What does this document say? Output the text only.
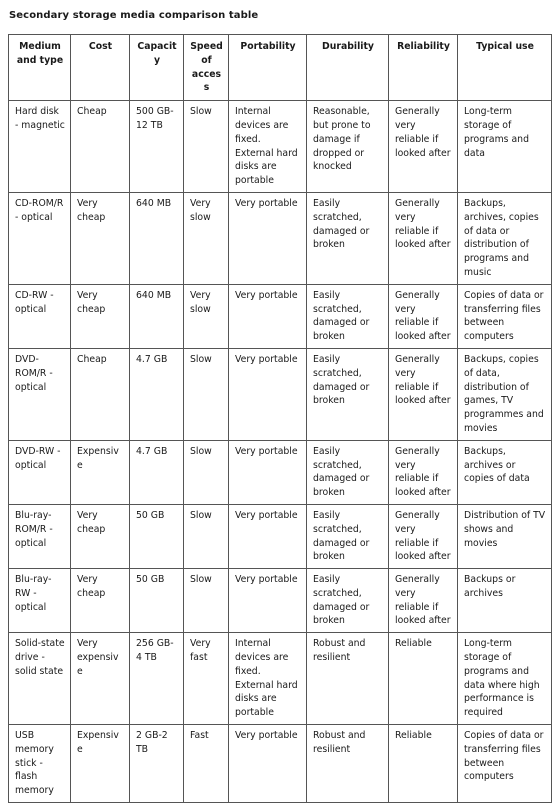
Secondary storage media comparison table
Medium and type	Cost	Capacity	Speed of access	Portability	Durability	Reliability	Typical use
Hard disk - magnetic	Cheap	500 GB-12 TB	Slow	Internal devices are fixed. External hard disks are portable	Reasonable, but prone to damage if dropped or knocked	Generally very reliable if looked after	Long-term storage of programs and data
CD-ROM/R - optical	Very cheap	640 MB	Very slow	Very portable	Easily scratched, damaged or broken	Generally very reliable if looked after	Backups, archives, copies of data or distribution of programs and music
CD-RW - optical	Very cheap	640 MB	Very slow	Very portable	Easily scratched, damaged or broken	Generally very reliable if looked after	Copies of data or transferring files between computers
DVD-ROM/R - optical	Cheap	4.7 GB	Slow	Very portable	Easily scratched, damaged or broken	Generally very reliable if looked after	Backups, copies of data, distribution of games, TV programmes and movies
DVD-RW - optical	Expensive	4.7 GB	Slow	Very portable	Easily scratched, damaged or broken	Generally very reliable if looked after	Backups, archives or copies of data
Blu-ray-ROM/R - optical	Very cheap	50 GB	Slow	Very portable	Easily scratched, damaged or broken	Generally very reliable if looked after	Distribution of TV shows and movies
Blu-ray-RW - optical	Very cheap	50 GB	Slow	Very portable	Easily scratched, damaged or broken	Generally very reliable if looked after	Backups or archives
Solid-state drive - solid state	Very expensive	256 GB-4 TB	Very fast	Internal devices are fixed. External hard disks are portable	Robust and resilient	Reliable	Long-term storage of programs and data where high performance is required
USB memory stick - flash memory	Expensive	2 GB-2 TB	Fast	Very portable	Robust and resilient	Reliable	Copies of data or transferring files between computers
